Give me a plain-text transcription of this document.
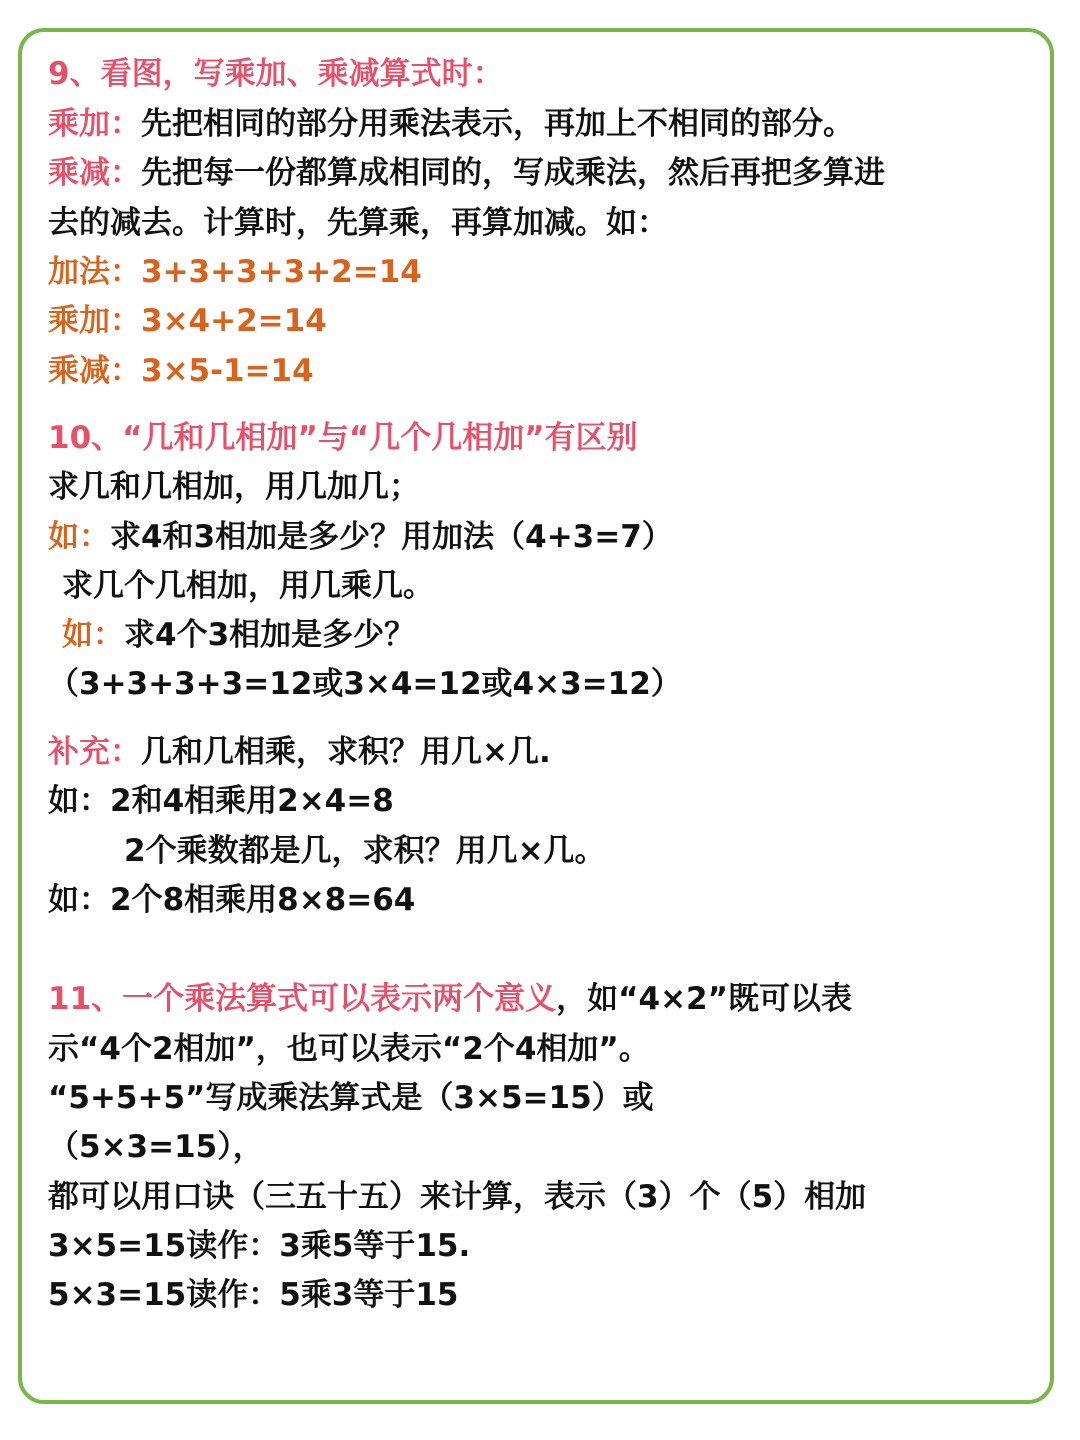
9、看图，写乘加、乘减算式时：
乘加：先把相同的部分用乘法表示，再加上不相同的部分。
乘减：先把每一份都算成相同的，写成乘法，然后再把多算进
去的减去。计算时，先算乘，再算加减。如：
加法：3+3+3+3+2=14
乘加：3×4+2=14
乘减：3×5-1=14
10、“几和几相加”与“几个几相加”有区别
求几和几相加，用几加几；
如：求4和3相加是多少？用加法（4+3=7）
求几个几相加，用几乘几。
如：求4个3相加是多少？
（3+3+3+3=12或3×4=12或4×3=12）
补充：几和几相乘，求积？用几×几.
如：2和4相乘用2×4=8
2个乘数都是几，求积？用几×几。
如：2个8相乘用8×8=64
11、一个乘法算式可以表示两个意义，如“4×2”既可以表
示“4个2相加”，也可以表示“2个4相加”。
“5+5+5”写成乘法算式是（3×5=15）或
（5×3=15），
都可以用口诀（三五十五）来计算，表示（3）个（5）相加
3×5=15读作：3乘5等于15.
5×3=15读作：5乘3等于15
